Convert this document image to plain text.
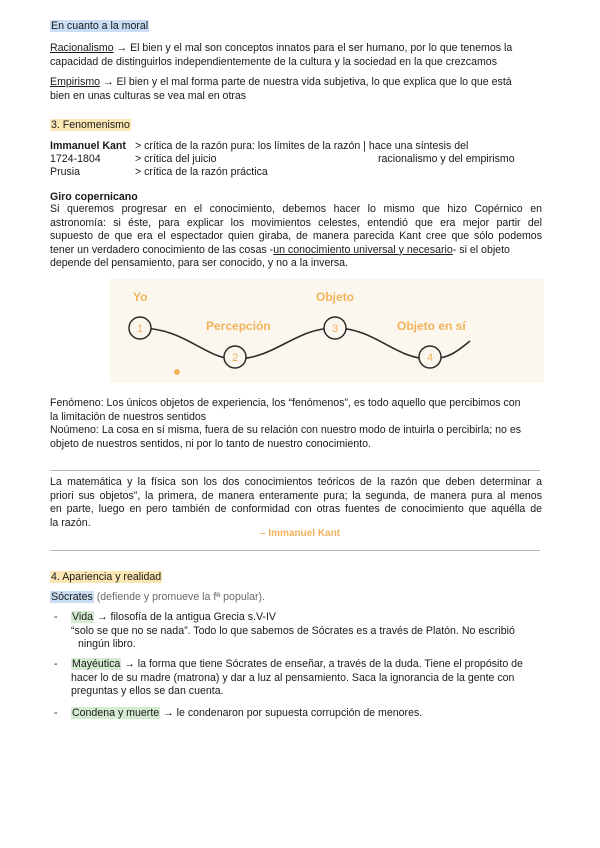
En cuanto a la moral

Racionalismo → El bien y el mal son conceptos innatos para el ser humano, por lo que tenemos la

capacidad de distinguirlos independientemente de la cultura y la sociedad en la que crezcamos

Empirismo → El bien y el mal forma parte de nuestra vida subjetiva, lo que explica que lo que está

bien en unas culturas se vea mal en otras

3. Fenomenismo
Immanuel Kant
1724-1804
Prusia
> crítica de la razón pura: los límites de la razón | hace una síntesis del
> crítica del juicio
> crítica de la razón práctica
racionalismo y del empirismo
Giro copernicano

Si queremos progresar en el conocimiento, debemos hacer lo mismo que hizo Copérnico en

astronomía: si éste, para explicar los movimientos celestes, entendió que era mejor partir del

supuesto de que era el espectador quien giraba, de manera parecida Kant cree que sólo podemos

tener un verdadero conocimiento de las cosas -un conocimiento universal y necesario- si el objeto

depende del pensamiento, para ser conocido, y no a la inversa.

1
2
3
4
Yo
Percepción
Objeto
Objeto en sí

Fenómeno: Los únicos objetos de experiencia, los “fenómenos”, es todo aquello que percibimos con

la limitación de nuestros sentidos

Noúmeno: La cosa en sí misma, fuera de su relación con nuestro modo de intuirla o percibirla; no es

objeto de nuestros sentidos, ni por lo tanto de nuestro conocimiento.

La matemática y la física son los dos conocimientos teóricos de la razón que deben determinar a

priori sus objetos”, la primera, de manera enteramente pura; la segunda, de manera pura al menos

en parte, luego en pero también de conformidad con otras fuentes de conocimiento que aquélla de

la razón.

– Immanuel Kant
4. Apariencia y realidad
Sócrates (defiende y promueve la fª popular).
- Vida → filosofía de la antigua Grecia s.V-IV

“solo se que no se nada”. Todo lo que sabemos de Sócrates es a través de Platón. No escribió

ningún libro.

- Mayéutica → la forma que tiene Sócrates de enseñar, a través de la duda. Tiene el propósito de

hacer lo de su madre (matrona) y dar a luz al pensamiento. Saca la ignorancia de la gente con

preguntas y ellos se dan cuenta.

- Condena y muerte → le condenaron por supuesta corrupción de menores.
